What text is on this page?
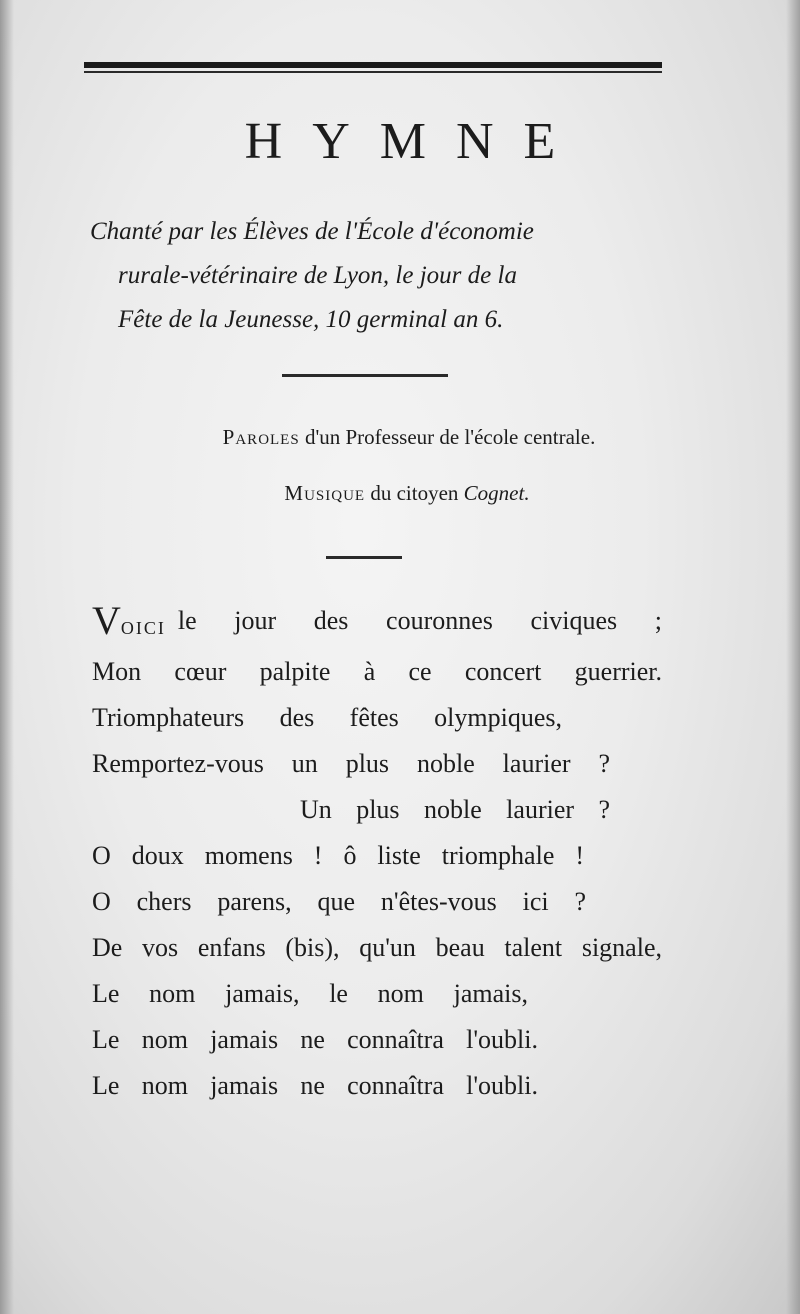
HYMNE
Chanté par les Élèves de l'École d'économie
rurale-vétérinaire de Lyon, le jour de la
Fête de la Jeunesse, 10 germinal an 6.
Paroles d'un Professeur de l'école centrale.
Musique du citoyen Cognet.
Voici le jour des couronnes civiques ;
Mon cœur palpite à ce concert guerrier.
Triomphateurs des fêtes olympiques,
Remportez-vous un plus noble laurier ?
Un plus noble laurier ?
O doux momens ! ô liste triomphale !
O chers parens, que n'êtes-vous ici ?
De vos enfans (bis), qu'un beau talent signale,
Le nom jamais, le nom jamais,
Le nom jamais ne connaîtra l'oubli.
Le nom jamais ne connaîtra l'oubli.
